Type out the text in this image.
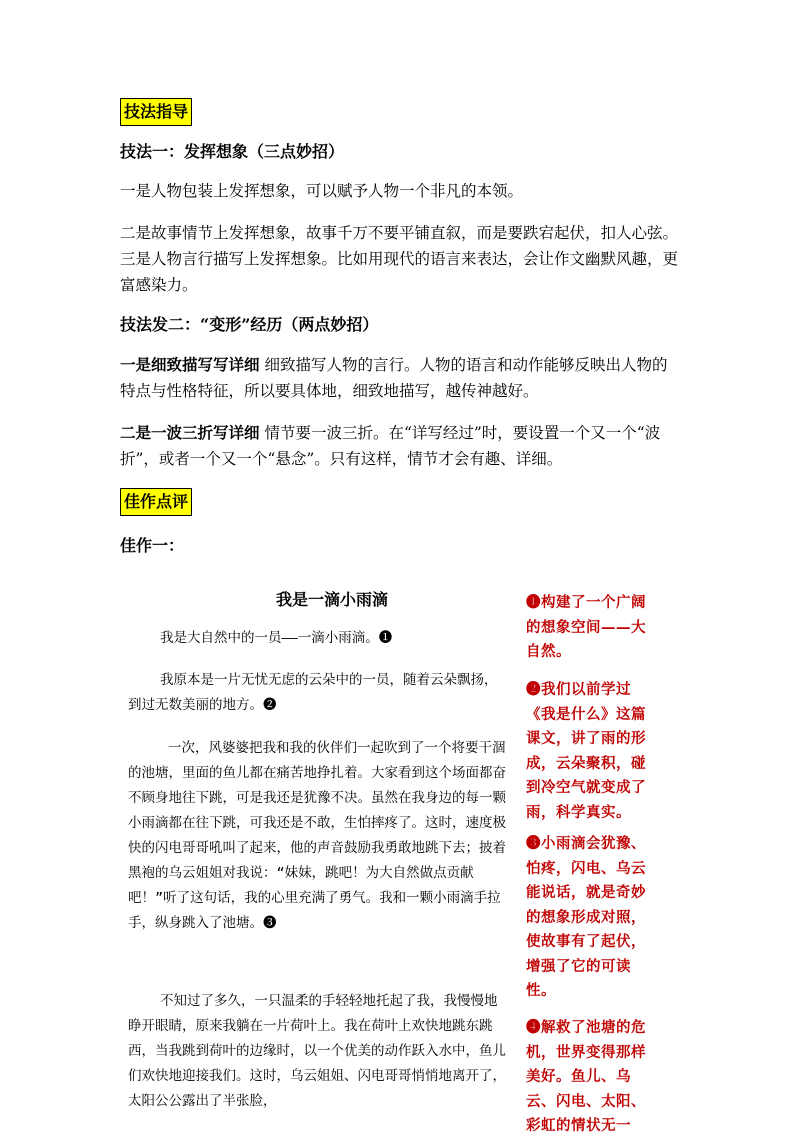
技法指导
技法一：发挥想象（三点妙招）
一是人物包装上发挥想象，可以赋予人物一个非凡的本领。
二是故事情节上发挥想象，故事千万不要平铺直叙，而是要跌宕起伏，扣人心弦。三是人物言行描写上发挥想象。比如用现代的语言来表达，会让作文幽默风趣，更富感染力。
技法发二：“变形”经历（两点妙招）
一是细致描写写详细 细致描写人物的言行。人物的语言和动作能够反映出人物的特点与性格特征，所以要具体地，细致地描写，越传神越好。
二是一波三折写详细 情节要一波三折。在“详写经过”时，要设置一个又一个“波折”，或者一个又一个“悬念”。只有这样，情节才会有趣、详细。
佳作点评
佳作一：
我是一滴小雨滴
我是大自然中的一员——一滴小雨滴。❶
我原本是一片无忧无虑的云朵中的一员，随着云朵飘扬，到过无数美丽的地方。❷
一次，风婆婆把我和我的伙伴们一起吹到了一个将要干涸的池塘，里面的鱼儿都在痛苦地挣扎着。大家看到这个场面都奋不顾身地往下跳，可是我还是犹豫不决。虽然在我身边的每一颗小雨滴都在往下跳，可我还是不敢，生怕摔疼了。这时，速度极快的闪电哥哥吼叫了起来，他的声音鼓励我勇敢地跳下去；披着黑袍的乌云姐姐对我说：“妹妹，跳吧！为大自然做点贡献吧！”听了这句话，我的心里充满了勇气。我和一颗小雨滴手拉手，纵身跳入了池塘。❸
不知过了多久，一只温柔的手轻轻地托起了我，我慢慢地睁开眼睛，原来我躺在一片荷叶上。我在荷叶上欢快地跳东跳西，当我跳到荷叶的边缘时，以一个优美的动作跃入水中，鱼儿们欢快地迎接我们。这时，乌云姐姐、闪电哥哥悄悄地离开了，太阳公公露出了半张脸，
❶构建了一个广阔的想象空间——大自然。
❷我们以前学过《我是什么》这篇课文，讲了雨的形成，云朵聚积，碰到冷空气就变成了雨，科学真实。
❸小雨滴会犹豫、怕疼，闪电、乌云能说话，就是奇妙的想象形成对照，使故事有了起伏，增强了它的可读性。
❹解救了池塘的危机，世界变得那样美好。鱼儿、乌云、闪电、太阳、彩虹的情状无一
